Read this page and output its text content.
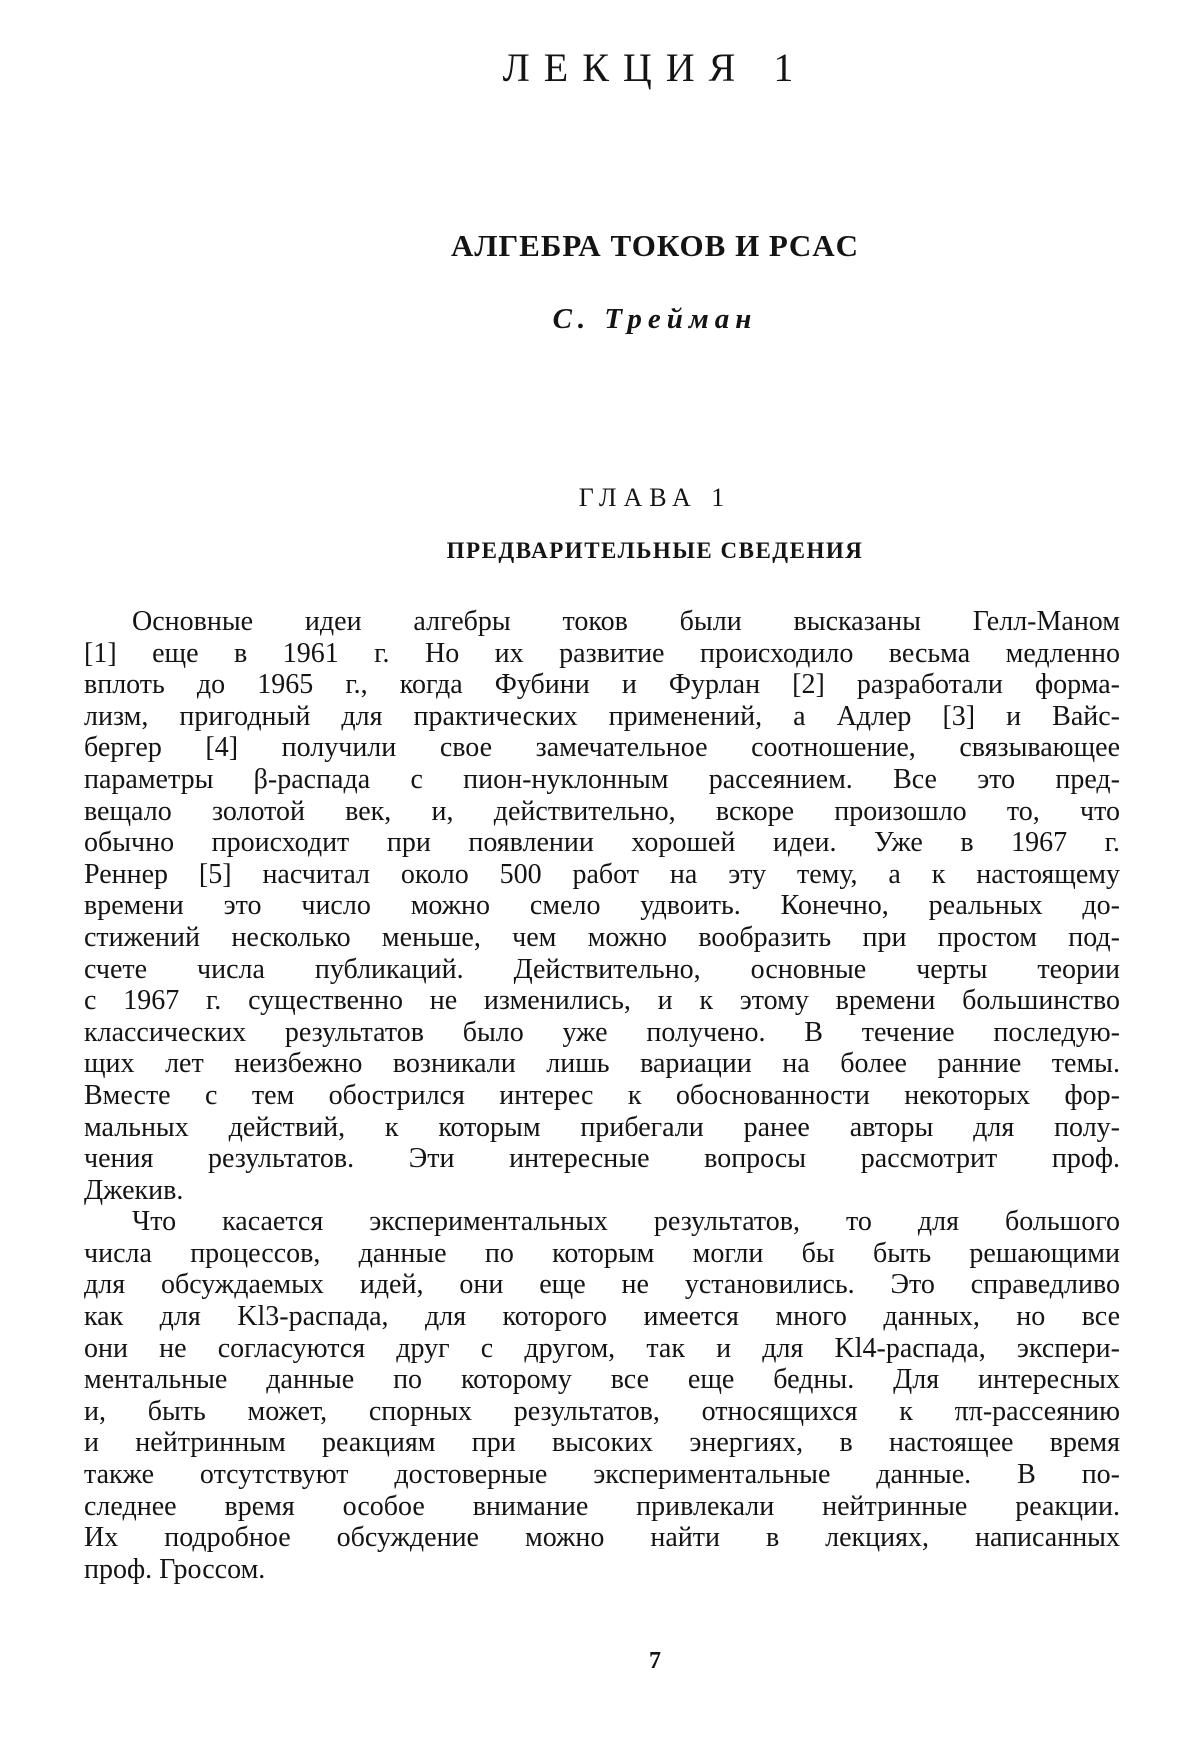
ЛЕКЦИЯ 1
АЛГЕБРА ТОКОВ И PCAC
С. Трейман
ГЛАВА 1
ПРЕДВАРИТЕЛЬНЫЕ СВЕДЕНИЯ
Основные идеи алгебры токов были высказаны Гелл-Маном
[1] еще в 1961 г. Но их развитие происходило весьма медленно
вплоть до 1965 г., когда Фубини и Фурлан [2] разработали форма-
лизм, пригодный для практических применений, а Адлер [3] и Вайс-
бергер [4] получили свое замечательное соотношение, связывающее
параметры β-распада с пион-нуклонным рассеянием. Все это пред-
вещало золотой век, и, действительно, вскоре произошло то, что
обычно происходит при появлении хорошей идеи. Уже в 1967 г.
Реннер [5] насчитал около 500 работ на эту тему, а к настоящему
времени это число можно смело удвоить. Конечно, реальных до-
стижений несколько меньше, чем можно вообразить при простом под-
счете числа публикаций. Действительно, основные черты теории
с 1967 г. существенно не изменились, и к этому времени большинство
классических результатов было уже получено. В течение последую-
щих лет неизбежно возникали лишь вариации на более ранние темы.
Вместе с тем обострился интерес к обоснованности некоторых фор-
мальных действий, к которым прибегали ранее авторы для полу-
чения результатов. Эти интересные вопросы рассмотрит проф.
Джекив.
Что касается экспериментальных результатов, то для большого
числа процессов, данные по которым могли бы быть решающими
для обсуждаемых идей, они еще не установились. Это справедливо
как для Kl3-распада, для которого имеется много данных, но все
они не согласуются друг с другом, так и для Kl4-распада, экспери-
ментальные данные по которому все еще бедны. Для интересных
и, быть может, спорных результатов, относящихся к ππ-рассеянию
и нейтринным реакциям при высоких энергиях, в настоящее время
также отсутствуют достоверные экспериментальные данные. В по-
следнее время особое внимание привлекали нейтринные реакции.
Их подробное обсуждение можно найти в лекциях, написанных
проф. Гроссом.
7
